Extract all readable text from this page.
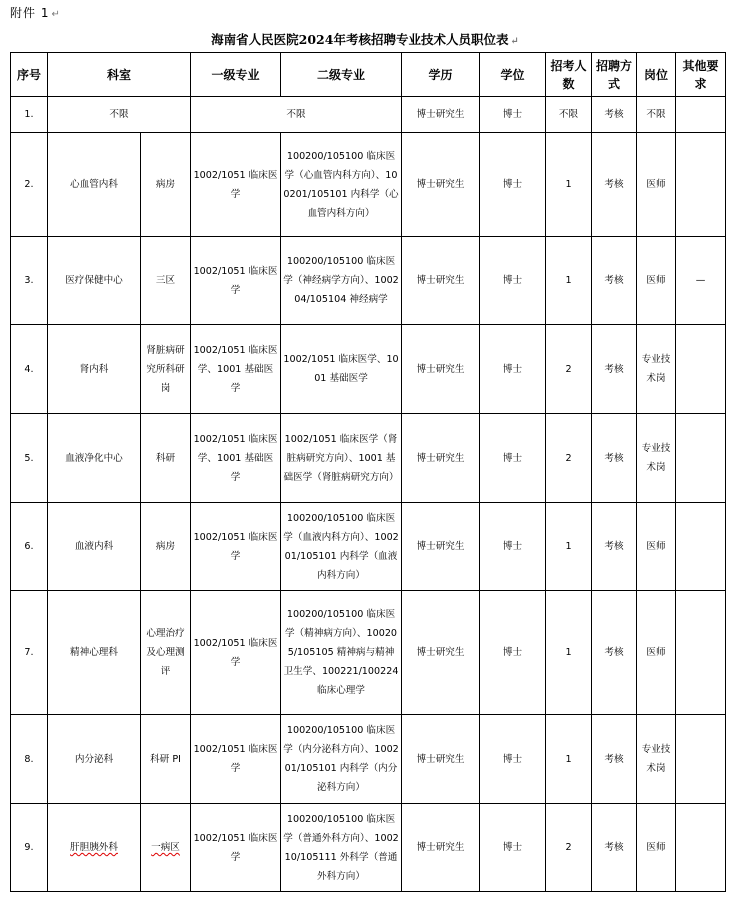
附件 1 ↵
海南省人民医院2024年考核招聘专业技术人员职位表 ↵
序号	科室		一级专业	二级专业	学历	学位	招考人数	招聘方式	岗位	其他要求
1.	不限		不限		博士研究生	博士	不限	考核	不限	
2.	心血管内科	病房	1002/1051 临床医学	100200/105100 临床医学（心血管内科方向）、100201/105101 内科学（心血管内科方向）	博士研究生	博士	1	考核	医师	
3.	医疗保健中心	三区	1002/1051 临床医学	100200/105100 临床医学（神经病学方向）、100204/105104 神经病学	博士研究生	博士	1	考核	医师	—
4.	肾内科	肾脏病研究所科研岗	1002/1051 临床医学、1001 基础医学	1002/1051 临床医学、1001 基础医学	博士研究生	博士	2	考核	专业技术岗	
5.	血液净化中心	科研	1002/1051 临床医学、1001 基础医学	1002/1051 临床医学（肾脏病研究方向）、1001 基础医学（肾脏病研究方向）	博士研究生	博士	2	考核	专业技术岗	
6.	血液内科	病房	1002/1051 临床医学	100200/105100 临床医学（血液内科方向）、100201/105101 内科学（血液内科方向）	博士研究生	博士	1	考核	医师	
7.	精神心理科	心理治疗及心理测评	1002/1051 临床医学	100200/105100 临床医学（精神病方向）、100205/105105 精神病与精神卫生学、100221/100224 临床心理学	博士研究生	博士	1	考核	医师	
8.	内分泌科	科研 PI	1002/1051 临床医学	100200/105100 临床医学（内分泌科方向）、100201/105101 内科学（内分泌科方向）	博士研究生	博士	1	考核	专业技术岗	
9.	肝胆胰外科	一病区	1002/1051 临床医学	100200/105100 临床医学（普通外科方向）、100210/105111 外科学（普通外科方向）	博士研究生	博士	2	考核	医师	
